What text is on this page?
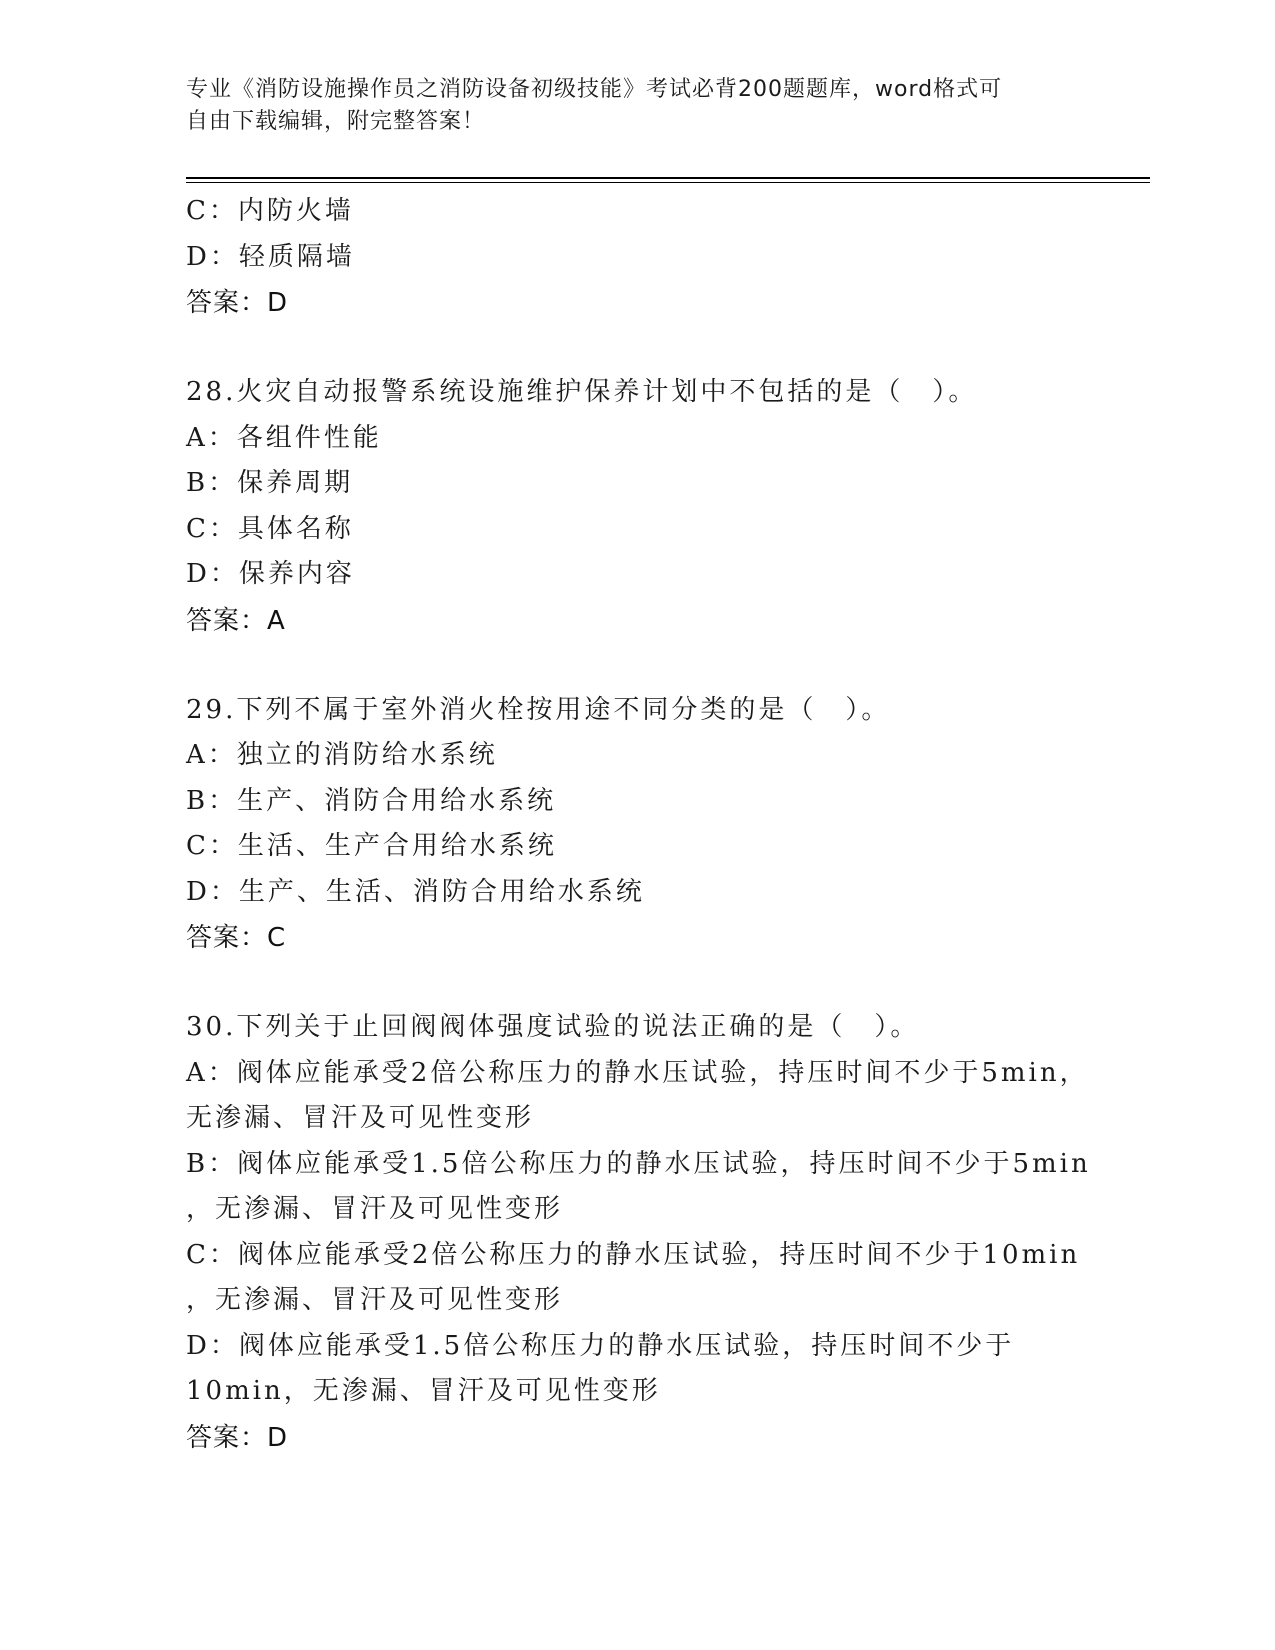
专业《消防设施操作员之消防设备初级技能》考试必背200题题库，word格式可
自由下载编辑，附完整答案！
C：内防火墙
D：轻质隔墙
答案：D
28.火灾自动报警系统设施维护保养计划中不包括的是（　）。
A：各组件性能
B：保养周期
C：具体名称
D：保养内容
答案：A
29.下列不属于室外消火栓按用途不同分类的是（　）。
A：独立的消防给水系统
B：生产、消防合用给水系统
C：生活、生产合用给水系统
D：生产、生活、消防合用给水系统
答案：C
30.下列关于止回阀阀体强度试验的说法正确的是（　）。
A：阀体应能承受2倍公称压力的静水压试验，持压时间不少于5min，
无渗漏、冒汗及可见性变形
B：阀体应能承受1.5倍公称压力的静水压试验，持压时间不少于5min
，无渗漏、冒汗及可见性变形
C：阀体应能承受2倍公称压力的静水压试验，持压时间不少于10min
，无渗漏、冒汗及可见性变形
D：阀体应能承受1.5倍公称压力的静水压试验，持压时间不少于
10min，无渗漏、冒汗及可见性变形
答案：D
